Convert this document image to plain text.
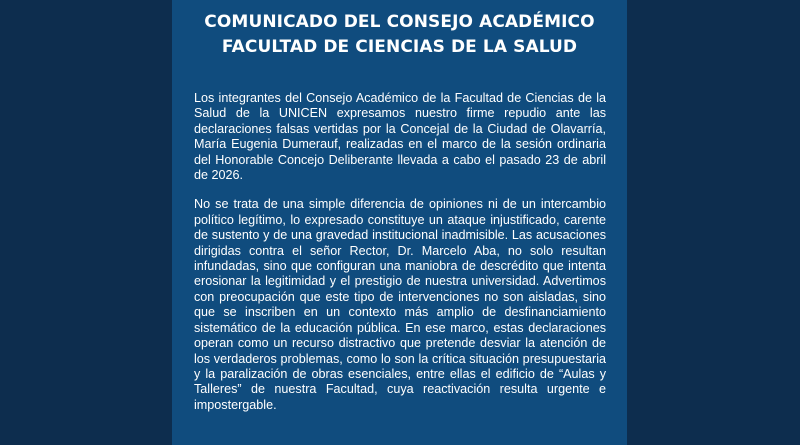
COMUNICADO DEL CONSEJO ACADÉMICO
FACULTAD DE CIENCIAS DE LA SALUD

Los integrantes del Consejo Académico de la Facultad de Ciencias de la Salud de la UNICEN expresamos nuestro firme repudio ante las declaraciones falsas vertidas por la Concejal de la Ciudad de Olavarría, María Eugenia Dumerauf, realizadas en el marco de la sesión ordinaria del Honorable Concejo Deliberante llevada a cabo el pasado 23 de abril de 2026.

No se trata de una simple diferencia de opiniones ni de un intercambio político legítimo, lo expresado constituye un ataque injustificado, carente de sustento y de una gravedad institucional inadmisible. Las acusaciones dirigidas contra el señor Rector, Dr. Marcelo Aba, no solo resultan infundadas, sino que configuran una maniobra de descrédito que intenta erosionar la legitimidad y el prestigio de nuestra universidad. Advertimos con preocupación que este tipo de intervenciones no son aisladas, sino que se inscriben en un contexto más amplio de desfinanciamiento sistemático de la educación pública. En ese marco, estas declaraciones operan como un recurso distractivo que pretende desviar la atención de los verdaderos problemas, como lo son la crítica situación presupuestaria y la paralización de obras esenciales, entre ellas el edificio de “Aulas y Talleres” de nuestra Facultad, cuya reactivación resulta urgente e impostergable.
